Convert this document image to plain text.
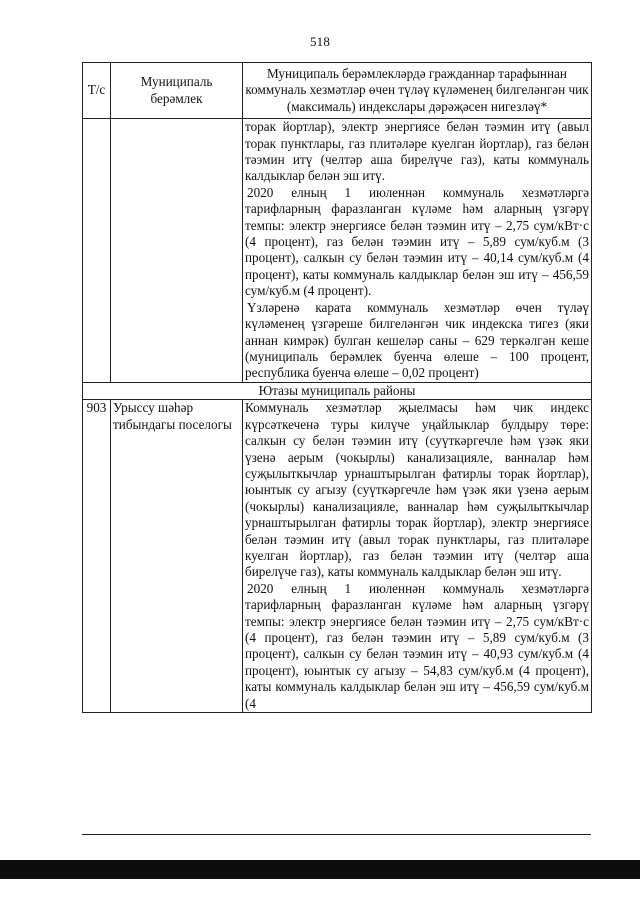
518
Т/с	Муниципаль берәмлек	Муниципаль берәмлекләрдә гражданнар тарафыннан коммуналь хезмәтләр өчен түләү күләменең билгеләнгән чик (максималь) индекслары дәрәҗәсен нигезләү*

		торак йортлар), электр энергиясе белән тәэмин итү (авыл торак пунктлары, газ плитәләре куелган йортлар), газ белән тәэмин итү (челтәр аша бирелүче газ), каты коммуналь калдыклар белән эш итү.

2020 елның 1 июленнән коммуналь хезмәтләргә тарифларның фаразланган күләме һәм аларның үзгәрү темпы: электр энергиясе белән тәэмин итү – 2,75 сум/кВт·с (4 процент), газ белән тәэмин итү – 5,89 сум/куб.м (3 процент), салкын су белән тәэмин итү – 40,14 сум/куб.м (4 процент), каты коммуналь калдыклар белән эш итү – 456,59 сум/куб.м (4 процент).

Үзләренә карата коммуналь хезмәтләр өчен түләү күләменең үзгәреше билгеләнгән чик индекска тигез (яки аннан кимрәк) булган кешеләр саны – 629 теркәлгән кеше (муниципаль берәмлек буенча өлеше – 100 процент, республика буенча өлеше – 0,02 процент)

Ютазы муниципаль районы		
903	Урыссу шәһәр тибындагы поселогы	Коммуналь хезмәтләр җыелмасы һәм чик индекс күрсәткеченә туры килүче уңайлыклар булдыру төре: салкын су белән тәэмин итү (суүткәргечле һәм үзәк яки үзенә аерым (чокырлы) канализацияле, ванналар һәм суҗылыткычлар урнаштырылган фатирлы торак йортлар), юынтык су агызу (суүткәргечле һәм үзәк яки үзенә аерым (чокырлы) канализацияле, ванналар һәм суҗылыткычлар урнаштырылган фатирлы торак йортлар), электр энергиясе белән тәэмин итү (авыл торак пунктлары, газ плитәләре куелган йортлар), газ белән тәэмин итү (челтәр аша бирелүче газ), каты коммуналь калдыклар белән эш итү.

2020 елның 1 июленнән коммуналь хезмәтләргә тарифларның фаразланган күләме һәм аларның үзгәрү темпы: электр энергиясе белән тәэмин итү – 2,75 сум/кВт·с (4 процент), газ белән тәэмин итү – 5,89 сум/куб.м (3 процент), салкын су белән тәэмин итү – 40,93 сум/куб.м (4 процент), юынтык су агызу – 54,83 сум/куб.м (4 процент), каты коммуналь калдыклар белән эш итү – 456,59 сум/куб.м (4
